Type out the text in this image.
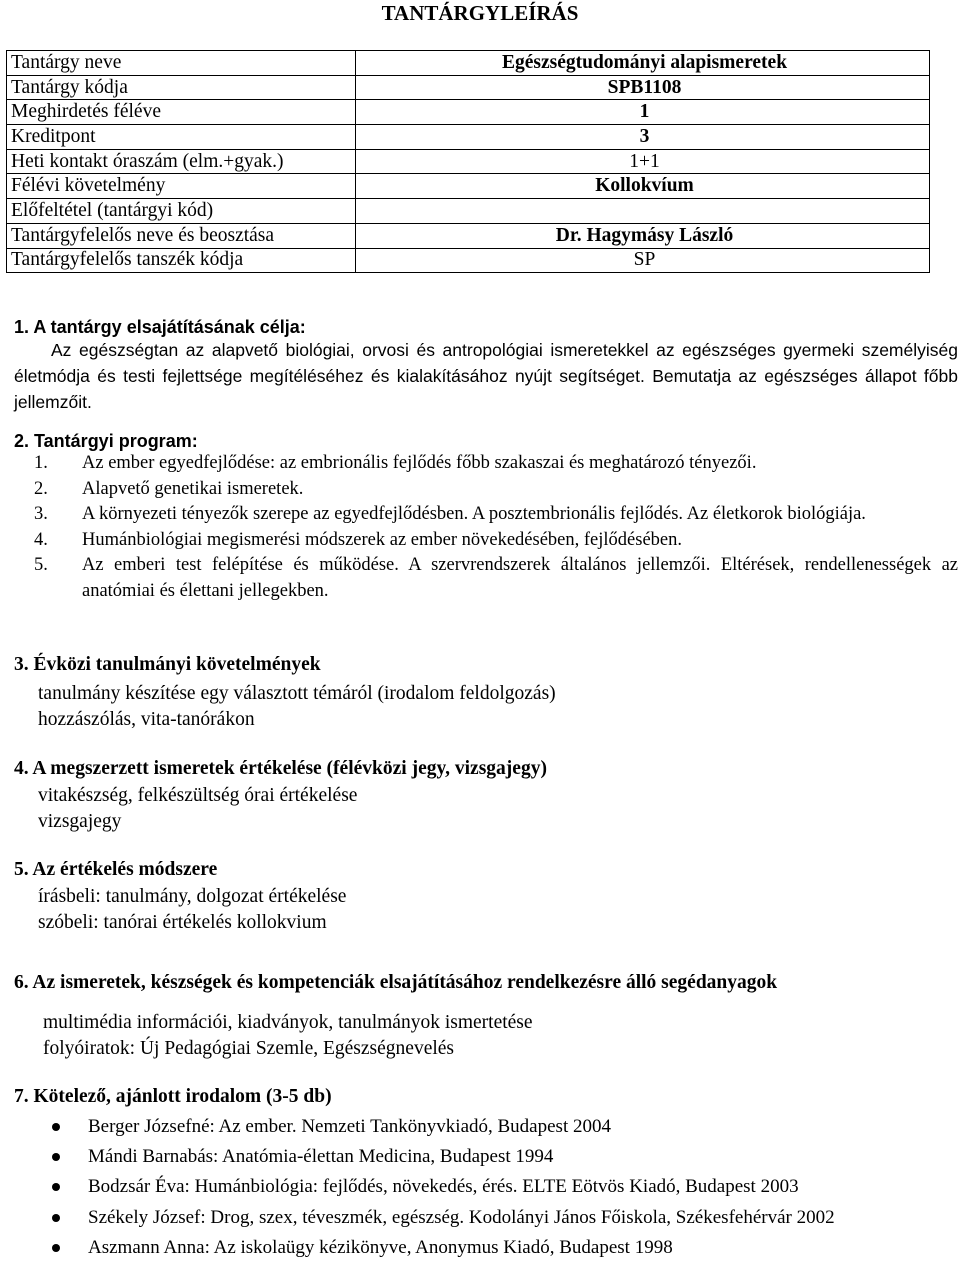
TANTÁRGYLEÍRÁS
Tantárgy neve	Egészségtudományi alapismeretek
Tantárgy kódja	SPB1108
Meghirdetés féléve	1
Kreditpont	3
Heti kontakt óraszám (elm.+gyak.)	1+1
Félévi követelmény	Kollokvíum
Előfeltétel (tantárgyi kód)	
Tantárgyfelelős neve és beosztása	Dr. Hagymásy László
Tantárgyfelelős tanszék kódja	SP
1. A tantárgy elsajátításának célja:
Az egészségtan az alapvető biológiai, orvosi és antropológiai ismeretekkel az egészséges gyermeki személyiség életmódja és testi fejlettsége megítéléséhez és kialakításához nyújt segítséget. Bemutatja az egészséges állapot főbb jellemzőit.
2. Tantárgyi program:
1.	Az ember egyedfejlődése: az embrionális fejlődés főbb szakaszai és meghatározó tényezői.
2.	Alapvető genetikai ismeretek.
3.	A környezeti tényezők szerepe az egyedfejlődésben. A posztembrionális fejlődés. Az életkorok biológiája.
4.	Humánbiológiai megismerési módszerek az ember növekedésében, fejlődésében.
5.	Az emberi test felépítése és működése. A szervrendszerek általános jellemzői. Eltérések, rendellenességek az anatómiai és élettani jellegekben.
3. Évközi tanulmányi követelmények
tanulmány készítése egy választott témáról (irodalom feldolgozás)
hozzászólás, vita-tanórákon
4. A megszerzett ismeretek értékelése (félévközi jegy, vizsgajegy)
vitakészség, felkészültség órai értékelése
vizsgajegy
5. Az értékelés módszere
írásbeli: tanulmány, dolgozat értékelése
szóbeli: tanórai értékelés kollokvium
6. Az ismeretek, készségek és kompetenciák elsajátításához rendelkezésre álló segédanyagok
multimédia információi, kiadványok, tanulmányok ismertetése
folyóiratok: Új Pedagógiai Szemle, Egészségnevelés
7. Kötelező, ajánlott irodalom (3-5 db)
Berger Józsefné: Az ember. Nemzeti Tankönyvkiadó, Budapest 2004
Mándi Barnabás: Anatómia-élettan Medicina, Budapest 1994
Bodzsár Éva: Humánbiológia: fejlődés, növekedés, érés. ELTE Eötvös Kiadó, Budapest 2003
Székely József: Drog, szex, téveszmék, egészség. Kodolányi János Főiskola, Székesfehérvár 2002
Aszmann Anna: Az iskolaügy kézikönyve, Anonymus Kiadó, Budapest 1998
